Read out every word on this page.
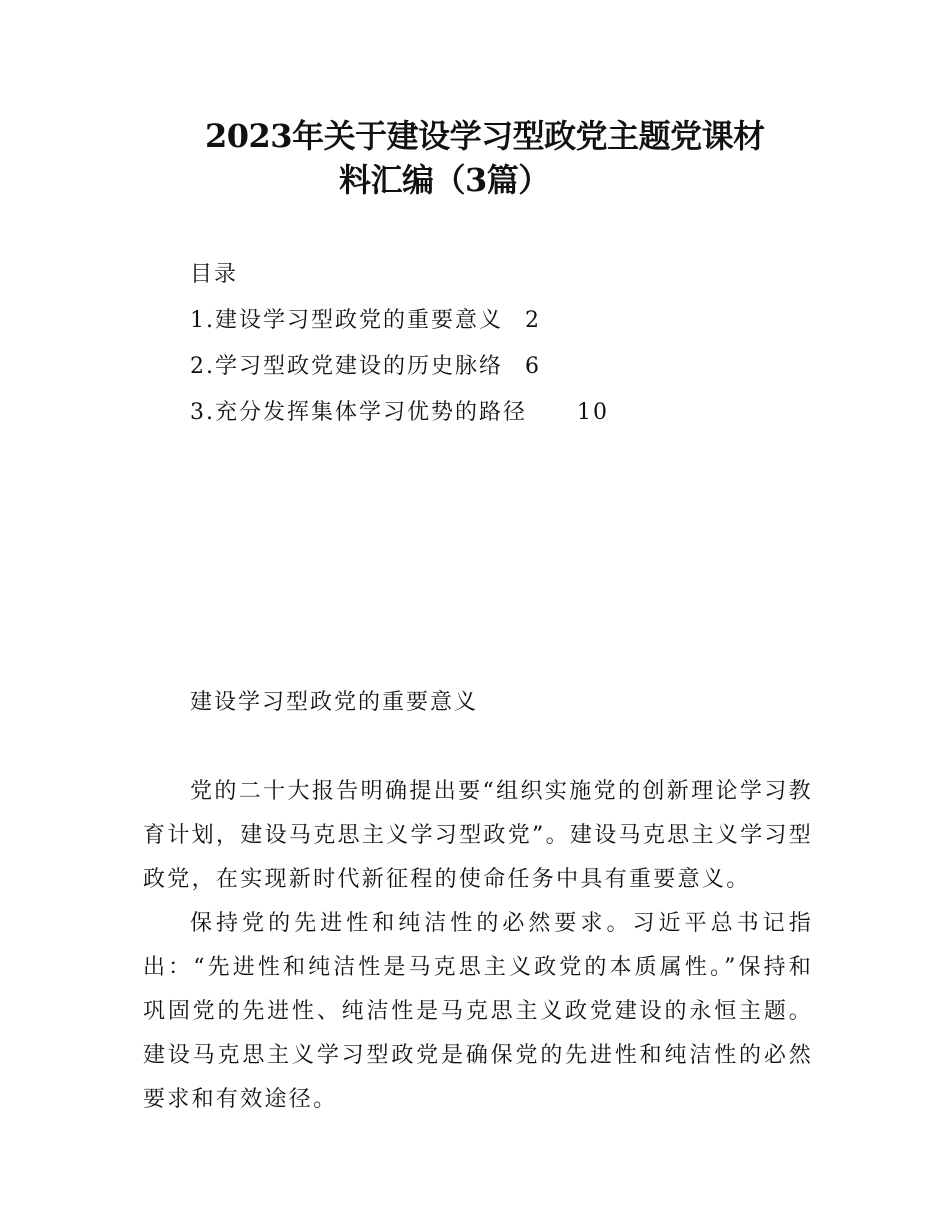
2023年关于建设学习型政党主题党课材
料汇编（3篇）
目录
1.建设学习型政党的重要意义 2
2.学习型政党建设的历史脉络 6
3.充分发挥集体学习优势的路径 10
建设学习型政党的重要意义

党的二十大报告明确提出要“组织实施党的创新理论学习教育计划，建设马克思主义学习型政党”。建设马克思主义学习型政党，在实现新时代新征程的使命任务中具有重要意义。

保持党的先进性和纯洁性的必然要求。习近平总书记指出：“先进性和纯洁性是马克思主义政党的本质属性。”保持和巩固党的先进性、纯洁性是马克思主义政党建设的永恒主题。建设马克思主义学习型政党是确保党的先进性和纯洁性的必然要求和有效途径。
